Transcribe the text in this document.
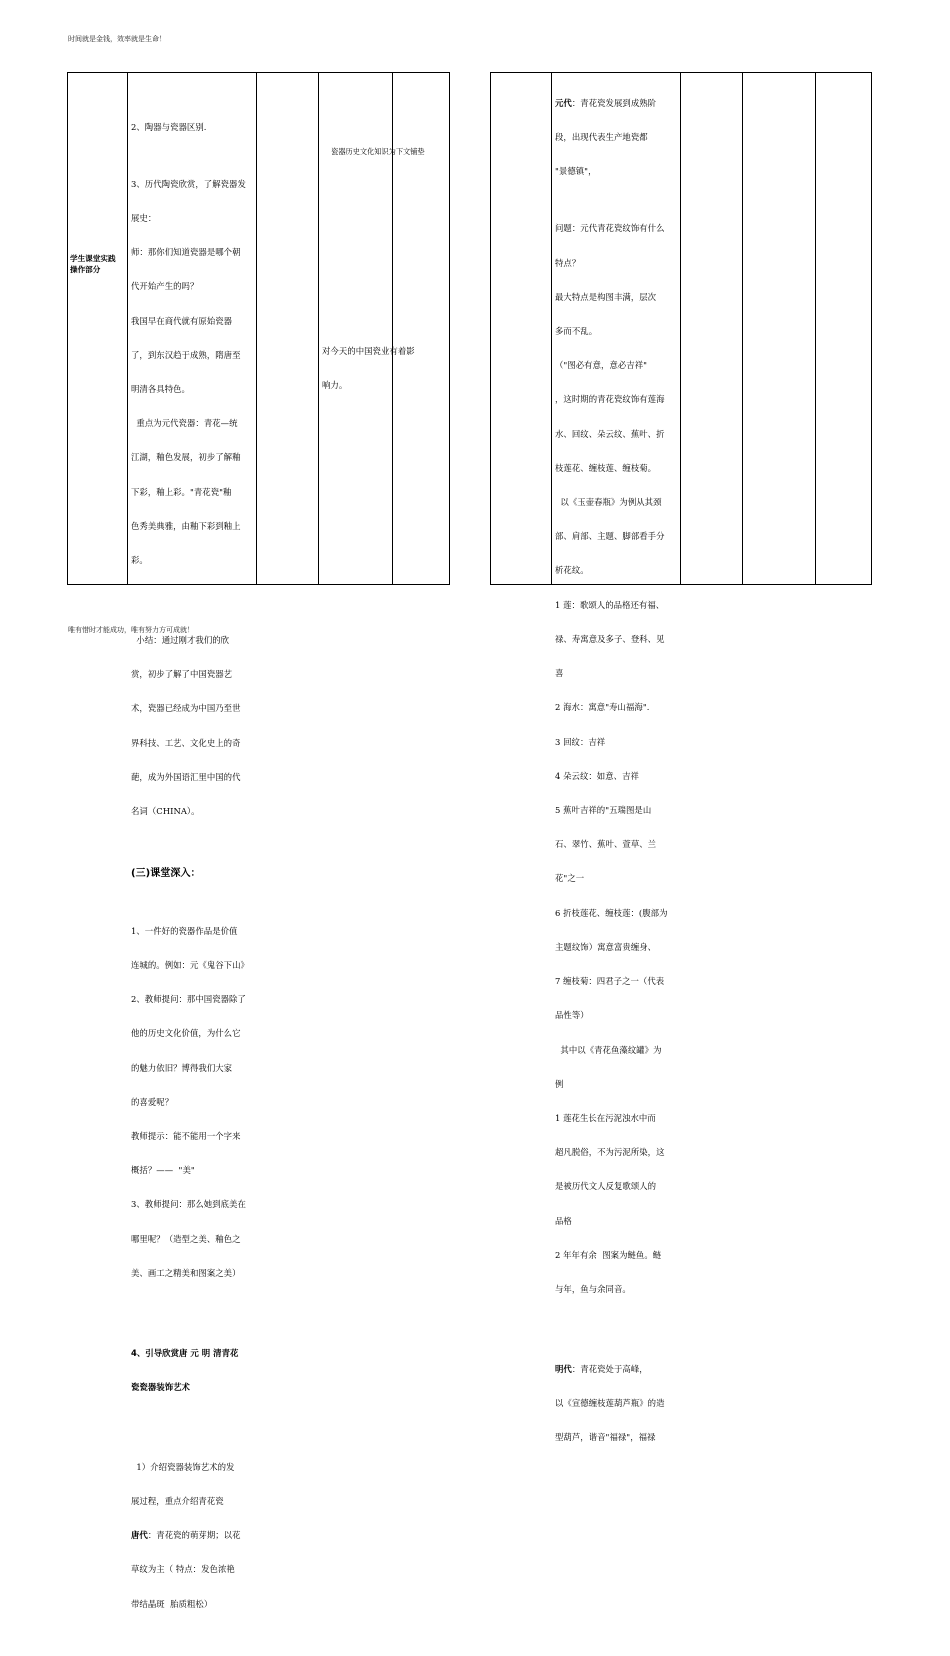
时间就是金钱，效率就是生命！
学生课堂实践
操作部分

2、陶器与瓷器区别.

3、历代陶瓷欣赏，了解瓷器发

展史：

师：那你们知道瓷器是哪个朝

代开始产生的吗？

我国早在商代就有原始瓷器

了，到东汉趋于成熟，隋唐至

明清各具特色。

重点为元代瓷器：青花—统

江湖，釉色发展，初步了解釉

下彩，釉上彩。"青花瓷"釉

色秀美典雅，由釉下彩到釉上

彩。

小结：通过刚才我们的欣

赏，初步了解了中国瓷器艺

术，瓷器已经成为中国乃至世

界科技、工艺、文化史上的奇

葩，成为外国语汇里中国的代

名词（CHINA）。

(三)课堂深入：

1、一件好的瓷器作品是价值

连城的。例如：元《鬼谷下山》

2、教师提问：那中国瓷器除了

他的历史文化价值，为什么它

的魅力依旧？博得我们大家

的喜爱呢？

教师提示：能不能用一个字来

概括？——  "美"

3、教师提问：那么她到底美在

哪里呢？（造型之美、釉色之

美、画工之精美和图案之美）

4、引导欣赏唐 元 明 清青花

瓷瓷器装饰艺术

1）介绍瓷器装饰艺术的发

展过程，重点介绍青花瓷

唐代：青花瓷的萌芽期；以花

草纹为主（ 特点：发色浓艳

带结晶斑  胎质粗松）

瓷器历史文化知识为下文铺垫

对今天的中国瓷业有着影

响力。

元代：青花瓷发展到成熟阶

段，出现代表生产地瓷都

"景德镇"，

问题：元代青花瓷纹饰有什么

特点？

最大特点是构图丰满，层次

多而不乱。

（"图必有意，意必吉祥"

，这时期的青花瓷纹饰有莲海

水、回纹、朵云纹、蕉叶、折

枝莲花、缠枝莲、缠枝菊。

以《玉壶春瓶》为例从其颈

部、肩部、主题、脚部看手分

析花纹。

1 莲：歌颂人的品格还有福、

禄、寿寓意及多子、登科、见

喜

2 海水：寓意"寿山福海".

3 回纹：吉祥

4 朵云纹：如意、吉祥

5 蕉叶吉祥的"五瑞图是山

石、翠竹、蕉叶、萱草、兰

花"之一

6 折枝莲花、缠枝莲：(腹部为

主题纹饰）寓意富贵缠身、

7 缠枝菊：四君子之一（代表

品性等）

其中以《青花鱼藻纹罐》为

例

1 莲花生长在污泥浊水中而

超凡脱俗，不为污泥所染，这

是被历代文人反复歌颂人的

品格

2 年年有余  图案为鲢鱼。鲢

与年，鱼与余同音。

明代：青花瓷处于高峰，

以《宣德缠枝莲葫芦瓶》的造

型葫芦，谐音"福禄"，福禄

唯有惜时才能成功，唯有努力方可成就！
